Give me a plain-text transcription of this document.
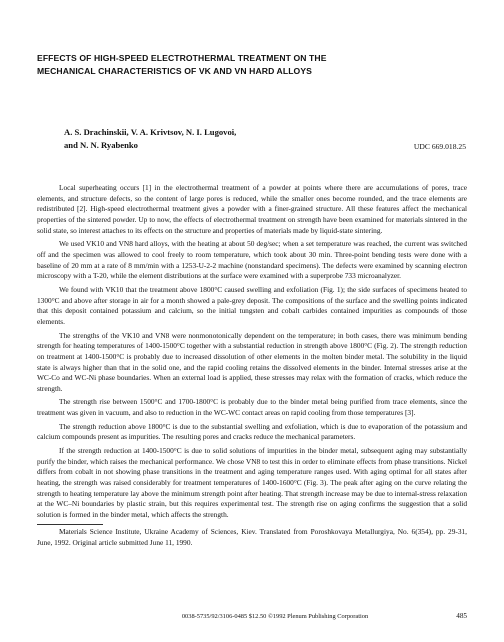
EFFECTS OF HIGH-SPEED ELECTROTHERMAL TREATMENT ON THE
MECHANICAL CHARACTERISTICS OF VK AND VN HARD ALLOYS
A. S. Drachinskii, V. A. Krivtsov, N. I. Lugovoi,
and N. N. Ryabenko	UDC 669.018.25

Local superheating occurs [1] in the electrothermal treatment of a powder at points where there are accumulations of pores, trace elements, and structure defects, so the content of large pores is reduced, while the smaller ones become rounded, and the trace elements are redistributed [2]. High-speed electrothermal treatment gives a powder with a finer-grained structure. All these features affect the mechanical properties of the sintered powder. Up to now, the effects of electrothermal treatment on strength have been examined for materials sintered in the solid state, so interest attaches to its effects on the structure and properties of materials made by liquid-state sintering.

We used VK10 and VN8 hard alloys, with the heating at about 50 deg/sec; when a set temperature was reached, the current was switched off and the specimen was allowed to cool freely to room temperature, which took about 30 min. Three-point bending tests were done with a baseline of 20 mm at a rate of 8 mm/min with a 1253-U-2-2 machine (nonstandard specimens). The defects were examined by scanning electron microscopy with a T-20, while the element distributions at the surface were examined with a superprobe 733 microanalyzer.

We found with VK10 that the treatment above 1800°C caused swelling and exfoliation (Fig. 1); the side surfaces of specimens heated to 1300°C and above after storage in air for a month showed a pale-grey deposit. The compositions of the surface and the swelling points indicated that this deposit contained potassium and calcium, so the initial tungsten and cobalt carbides contained impurities as compounds of those elements.

The strengths of the VK10 and VN8 were nonmonotonically dependent on the temperature; in both cases, there was minimum bending strength for heating temperatures of 1400-1500°C together with a substantial reduction in strength above 1800°C (Fig. 2). The strength reduction on treatment at 1400-1500°C is probably due to increased dissolution of other elements in the molten binder metal. The solubility in the liquid state is always higher than that in the solid one, and the rapid cooling retains the dissolved elements in the binder. Internal stresses arise at the WC-Co and WC-Ni phase boundaries. When an external load is applied, these stresses may relax with the formation of cracks, which reduce the strength.

The strength rise between 1500°C and 1700-1800°C is probably due to the binder metal being purified from trace elements, since the treatment was given in vacuum, and also to reduction in the WC-WC contact areas on rapid cooling from those temperatures [3].

The strength reduction above 1800°C is due to the substantial swelling and exfoliation, which is due to evaporation of the potassium and calcium compounds present as impurities. The resulting pores and cracks reduce the mechanical parameters.

If the strength reduction at 1400-1500°C is due to solid solutions of impurities in the binder metal, subsequent aging may substantially purify the binder, which raises the mechanical performance. We chose VN8 to test this in order to eliminate effects from phase transitions. Nickel differs from cobalt in not showing phase transitions in the treatment and aging temperature ranges used. With aging optimal for all states after heating, the strength was raised considerably for treatment temperatures of 1400-1600°C (Fig. 3). The peak after aging on the curve relating the strength to heating temperature lay above the minimum strength point after heating. That strength increase may be due to internal-stress relaxation at the WC–Ni boundaries by plastic strain, but this requires experimental test. The strength rise on aging confirms the suggestion that a solid solution is formed in the binder metal, which affects the strength.

Materials Science Institute, Ukraine Academy of Sciences, Kiev. Translated from Poroshkovaya Metallurgiya, No. 6(354), pp. 29-31, June, 1992. Original article submitted June 11, 1990.

0038-5735/92/3106-0485 $12.50 ©1992 Plenum Publishing Corporation	485
